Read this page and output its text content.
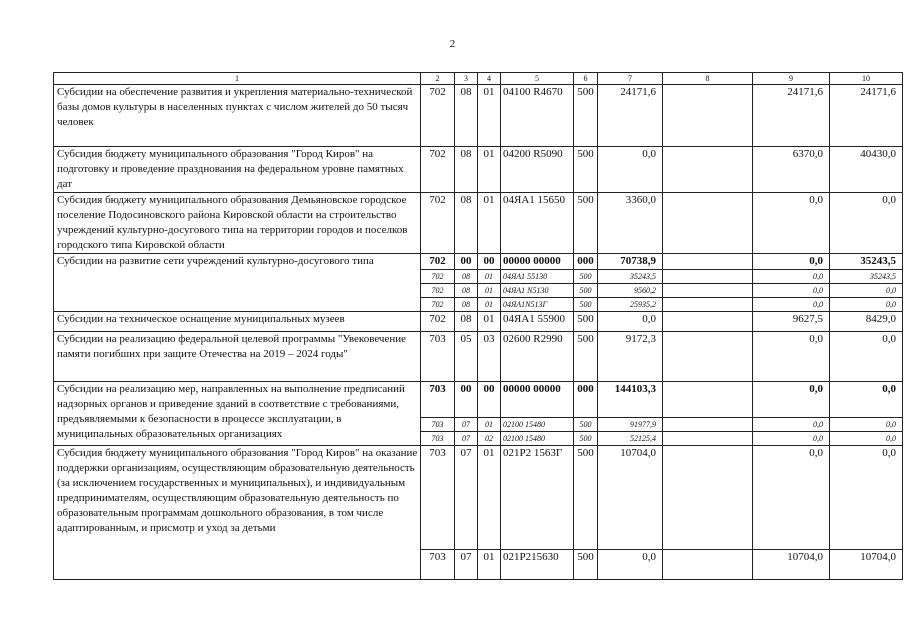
2
1	2	3	4	5	6	7	8	9	10
Субсидии на обеспечение развития и укрепления материально-технической базы домов культуры в населенных пунктах с числом жителей до 50 тысяч человек	702	08	01	04100 R4670	500	24171,6		24171,6	24171,6
Субсидия бюджету муниципального образования "Город Киров" на подготовку и проведение празднования на федеральном уровне памятных дат	702	08	01	04200 R5090	500	0,0		6370,0	40430,0
Субсидия бюджету муниципального образования Демьяновское городское поселение Подосиновского района Кировской области на строительство учреждений культурно-досугового типа на территории городов и поселков городского типа Кировской области	702	08	01	04ЯА1 15650	500	3360,0		0,0	0,0
Субсидии на развитие сети учреждений культурно-досугового типа	702	00	00	00000 00000	000	70738,9		0,0	35243,5
	702	08	01	04ЯА1 55130	500	35243,5		0,0	35243,5
	702	08	01	04ЯА1 N5130	500	9560,2		0,0	0,0
	702	08	01	04ЯА1N513Г	500	25935,2		0,0	0,0
Субсидии на техническое оснащение муниципальных музеев	702	08	01	04ЯА1 55900	500	0,0		9627,5	8429,0
Субсидии на реализацию федеральной целевой программы "Увековечение памяти погибших при защите Отечества на 2019 – 2024 годы"	703	05	03	02600 R2990	500	9172,3		0,0	0,0
Субсидии на реализацию мер, направленных на выполнение предписаний надзорных органов и приведение зданий в соответствие с требованиями, предъявляемыми к безопасности в процессе эксплуатации, в муниципальных образовательных организациях	703	00	00	00000 00000	000	144103,3		0,0	0,0
	703	07	01	02100 15480	500	91977,9		0,0	0,0
	703	07	02	02100 15480	500	52125,4		0,0	0,0
Субсидия бюджету муниципального образования "Город Киров" на оказание поддержки организациям, осуществляющим образовательную деятельность (за исключением государственных и муниципальных), и индивидуальным предпринимателям, осуществляющим образовательную деятельность по образовательным программам дошкольного образования, в том числе адаптированным, и присмотр и уход за детьми	703	07	01	021P2 1563Г	500	10704,0		0,0	0,0
	703	07	01	021P215630	500	0,0		10704,0	10704,0
